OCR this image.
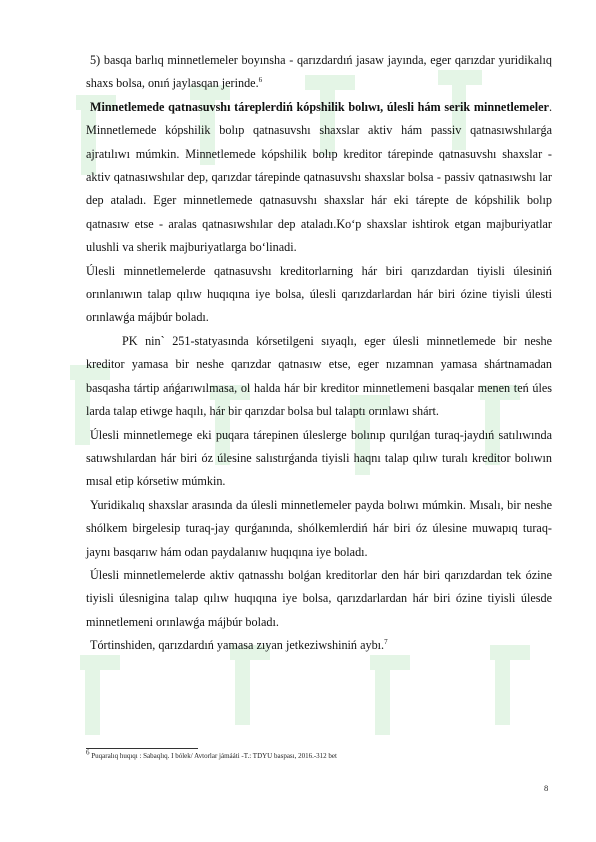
5) basqa barlıq minnetlemeler boyınsha - qarızdardıń jasaw jayında, eger qarızdar yuridikalıq shaxs bolsa, onıń jaylasqan jerinde.$^6$

Minnetlemede qatnasuvshı táreplerdiń kópshilik bolıwı, úlesli hám serik minnetlemeler. Minnetlemede kópshilik bolıp qatnasuvshı shaxslar aktiv hám passiv qatnasıwshılarǵa ajratılıwı múmkin. Minnetlemede kópshilik bolıp kreditor tárepinde qatnasuvshı shaxslar - aktiv qatnasıwshılar dep, qarızdar tárepinde qatnasuvshı shaxslar bolsa - passiv qatnasıwshı lar dep ataladı. Eger minnetlemede qatnasuvshı shaxslar hár eki tárepte de kópshilik bolıp qatnasıw etse - aralas qatnasıwshılar dep ataladı.Ko‘p shaxslar ishtirok etgan majburiyatlar ulushli va sherik majburiyatlarga bo‘linadi.

Úlesli minnetlemelerde qatnasuvshı kreditorlarning hár biri qarızdardan tiyisli úlesiniń orınlanıwın talap qılıw huqıqına iye bolsa, úlesli qarızdarlardan hár biri ózine tiyisli úlesti orınlawǵa májbúr boladı.

PK nin` 251-statyasında kórsetilgeni sıyaqlı, eger úlesli minnetlemede bir neshe kreditor yamasa bir neshe qarızdar qatnasıw etse, eger nızamnan yamasa shártnamadan basqasha tártip ańǵarıwılmasa, ol halda hár bir kreditor minnetlemeni basqalar menen teń úles larda talap etiwge haqılı, hár bir qarızdar bolsa bul talaptı orınlawı shárt.

Úlesli minnetlemege eki puqara tárepinen úleslerge bolınıp qurılǵan turaq-jaydıń satılıwında satıwshılardan hár biri óz úlesine salıstırǵanda tiyisli haqnı talap qılıw turalı kreditor bolıwın mısal etip kórsetiw múmkin.

Yuridikalıq shaxslar arasında da úlesli minnetlemeler payda bolıwı múmkin. Mısalı, bir neshe shólkem birgelesip turaq-jay qurǵanında, shólkemlerdiń hár biri óz úlesine muwapıq turaq-jaynı basqarıw hám odan paydalanıw huqıqına iye boladı.

Úlesli minnetlemelerde aktiv qatnasshı bolǵan kreditorlar den hár biri qarızdardan tek ózine tiyisli úlesnigina talap qılıw huqıqına iye bolsa, qarızdarlardan hár biri ózine tiyisli úlesde minnetlemeni orınlawǵa májbúr boladı.

Tórtinshiden, qarızdardıń yamasa zıyan jetkeziwshiniń aybı.$^7$

$^6$ Puqaralıq huqıqı : Sabaqlıq. I bólek/ Avtorlar jámááti -T.: TDYU baspası, 2016.-312 bet
8
